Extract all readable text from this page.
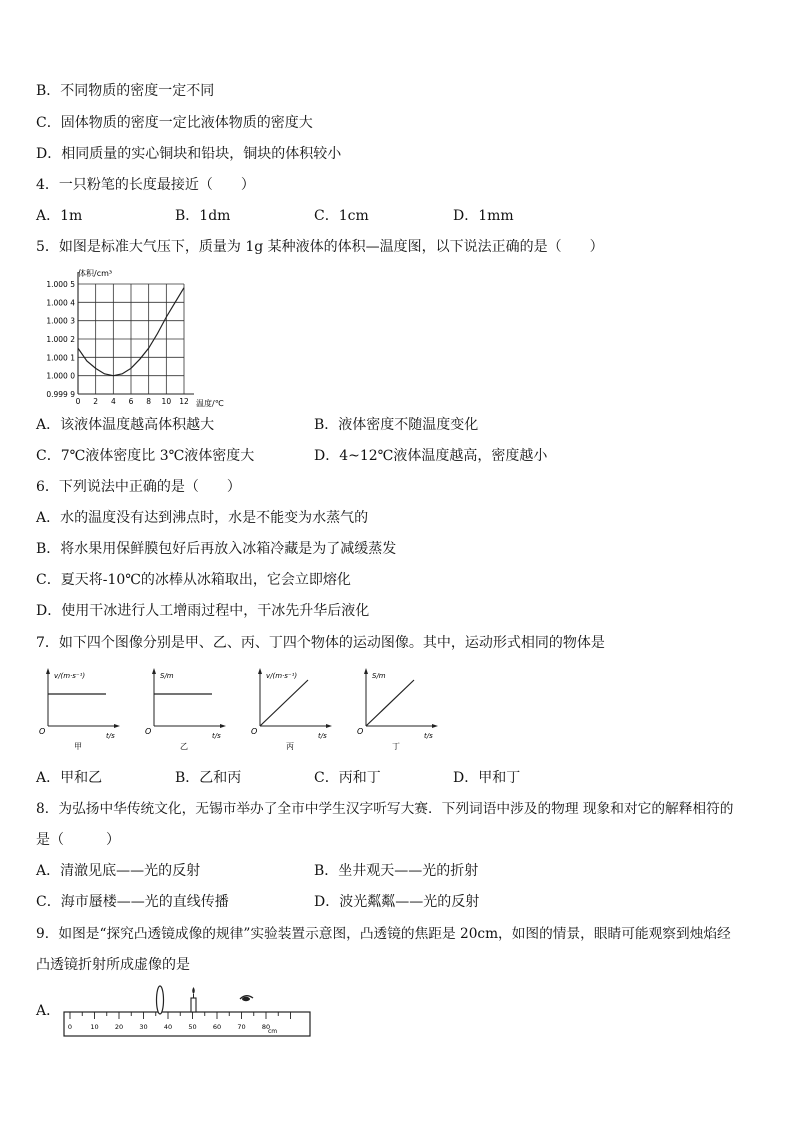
B．不同物质的密度一定不同
C．固体物质的密度一定比液体物质的密度大
D．相同质量的实心铜块和铅块，铜块的体积较小
4．一只粉笔的长度最接近（　　）
A．1m	B．1dm	C．1cm	D．1mm
5．如图是标准大气压下，质量为 1g 某种液体的体积—温度图，以下说法正确的是（　　）
体积/cm³
温度/℃
1.000 5
1.000 4
1.000 3
1.000 2
1.000 1
1.000 0
0.999 9
0 2 4 6 8 10 12
A．该液体温度越高体积越大	B．液体密度不随温度变化
C．7℃液体密度比 3℃液体密度大	D．4~12℃液体温度越高，密度越小
6．下列说法中正确的是（　　）
A．水的温度没有达到沸点时，水是不能变为水蒸气的
B．将水果用保鲜膜包好后再放入冰箱冷藏是为了减缓蒸发
C．夏天将-10℃的冰棒从冰箱取出，它会立即熔化
D．使用干冰进行人工增雨过程中，干冰先升华后液化
7．如下四个图像分别是甲、乙、丙、丁四个物体的运动图像。其中，运动形式相同的物体是
v/(m·s⁻¹)
t/s
O
甲
S/m
t/s
O
乙
v/(m·s⁻¹)
t/s
O
丙
S/m
t/s
O
丁
A．甲和乙	B．乙和丙	C．丙和丁	D．甲和丁
8．为弘扬中华传统文化，无锡市举办了全市中学生汉字听写大赛．下列词语中涉及的物理 现象和对它的解释相符的
是（　　　）
A．清澈见底——光的反射	B．坐井观天——光的折射
C．海市蜃楼——光的直线传播	D．波光粼粼——光的反射
9．如图是“探究凸透镜成像的规律”实验装置示意图，凸透镜的焦距是 20cm，如图的情景，眼睛可能观察到烛焰经
凸透镜折射所成虚像的是
A．
0	10 20 30 40 50 60 70 80
cm
